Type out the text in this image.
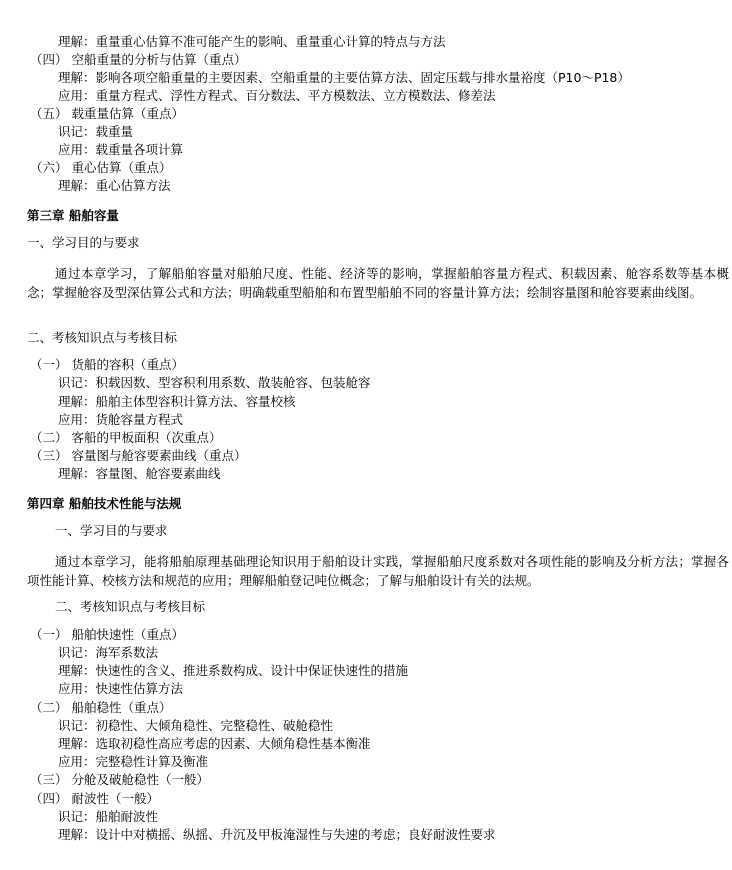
理解：重量重心估算不准可能产生的影响、重量重心计算的特点与方法
（四） 空船重量的分析与估算（重点）
理解：影响各项空船重量的主要因素、空船重量的主要估算方法、固定压载与排水量裕度（P10～P18）
应用：重量方程式、浮性方程式、百分数法、平方模数法、立方模数法、修差法
（五） 载重量估算（重点）
识记：载重量
应用：载重量各项计算
（六） 重心估算（重点）
理解：重心估算方法
第三章 船舶容量
一、学习目的与要求
通过本章学习，了解船舶容量对船舶尺度、性能、经济等的影响，掌握船舶容量方程式、积载因素、舱容系数等基本概念；掌握舱容及型深估算公式和方法；明确载重型船舶和布置型船舶不同的容量计算方法；绘制容量图和舱容要素曲线图。
二、考核知识点与考核目标
（一） 货船的容积（重点）
识记：积载因数、型容积利用系数、散装舱容、包装舱容
理解：船舶主体型容积计算方法、容量校核
应用：货舱容量方程式
（二） 客船的甲板面积（次重点）
（三） 容量图与舱容要素曲线（重点）
理解：容量图、舱容要素曲线
第四章 船舶技术性能与法规
一、学习目的与要求
通过本章学习，能将船舶原理基础理论知识用于船舶设计实践，掌握船舶尺度系数对各项性能的影响及分析方法；掌握各项性能计算、校核方法和规范的应用；理解船舶登记吨位概念；了解与船舶设计有关的法规。
二、考核知识点与考核目标
（一） 船舶快速性（重点）
识记：海军系数法
理解：快速性的含义、推进系数构成、设计中保证快速性的措施
应用：快速性估算方法
（二） 船舶稳性（重点）
识记：初稳性、大倾角稳性、完整稳性、破舱稳性
理解：选取初稳性高应考虑的因素、大倾角稳性基本衡准
应用：完整稳性计算及衡准
（三） 分舱及破舱稳性（一般）
（四） 耐波性（一般）
识记：船舶耐波性
理解：设计中对横摇、纵摇、升沉及甲板淹湿性与失速的考虑；良好耐波性要求
